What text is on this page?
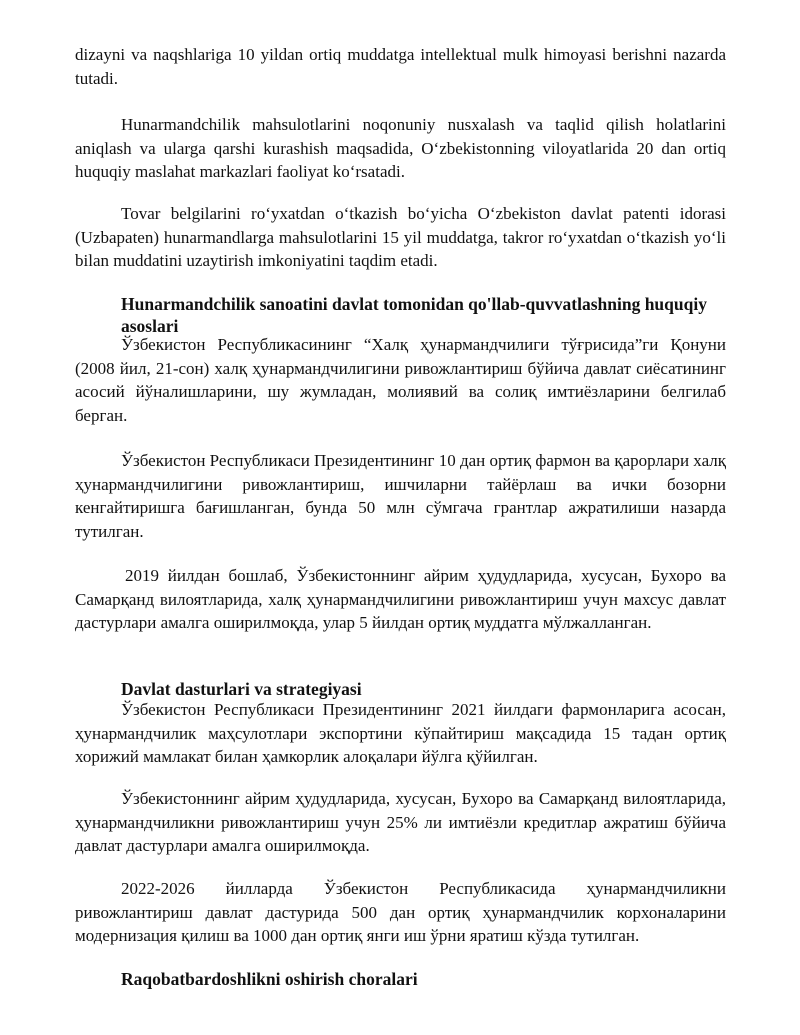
dizayni va naqshlariga 10 yildan ortiq muddatga intellektual mulk himoyasi berishni nazarda tutadi.

Hunarmandchilik mahsulotlarini noqonuniy nusxalash va taqlid qilish holatlarini aniqlash va ularga qarshi kurashish maqsadida, Oʻzbekistonning viloyatlarida 20 dan ortiq huquqiy maslahat markazlari faoliyat koʻrsatadi.

Tovar belgilarini roʻyxatdan oʻtkazish boʻyicha Oʻzbekiston davlat patenti idorasi (Uzbapaten) hunarmandlarga mahsulotlarini 15 yil muddatga, takror roʻyxatdan oʻtkazish yoʻli bilan muddatini uzaytirish imkoniyatini taqdim etadi.

Hunarmandchilik sanoatini davlat tomonidan qo'llab-quvvatlashning huquqiy asoslari

Ўзбекистон Республикасининг “Халқ ҳунармандчилиги тўғрисида”ги Қонуни (2008 йил, 21-сон) халқ ҳунармандчилигини ривожлантириш бўйича давлат сиёсатининг асосий йўналишларини, шу жумладан, молиявий ва солиқ имтиёзларини белгилаб берган.

Ўзбекистон Республикаси Президентининг 10 дан ортиқ фармон ва қарорлари халқ ҳунармандчилигини ривожлантириш, ишчиларни тайёрлаш ва ички бозорни кенгайтиришга бағишланган, бунда 50 млн сўмгача грантлар ажратилиши назарда тутилган.

2019 йилдан бошлаб, Ўзбекистоннинг айрим ҳудудларида, хусусан, Бухоро ва Самарқанд вилоятларида, халқ ҳунармандчилигини ривожлантириш учун махсус давлат дастурлари амалга оширилмоқда, улар 5 йилдан ортиқ муддатга мўлжалланган.

Davlat dasturlari va strategiyasi

Ўзбекистон Республикаси Президентининг 2021 йилдаги фармонларига асосан, ҳунармандчилик маҳсулотлари экспортини кўпайтириш мақсадида 15 тадан ортиқ хорижий мамлакат билан ҳамкорлик алоқалари йўлга қўйилган.

Ўзбекистоннинг айрим ҳудудларида, хусусан, Бухоро ва Самарқанд вилоятларида, ҳунармандчиликни ривожлантириш учун 25% ли имтиёзли кредитлар ажратиш бўйича давлат дастурлари амалга оширилмоқда.

2022-2026 йилларда Ўзбекистон Республикасида ҳунармандчиликни ривожлантириш давлат дастурида 500 дан ортиқ ҳунармандчилик корхоналарини модернизация қилиш ва 1000 дан ортиқ янги иш ўрни яратиш кўзда тутилган.

Raqobatbardoshlikni oshirish choralari
